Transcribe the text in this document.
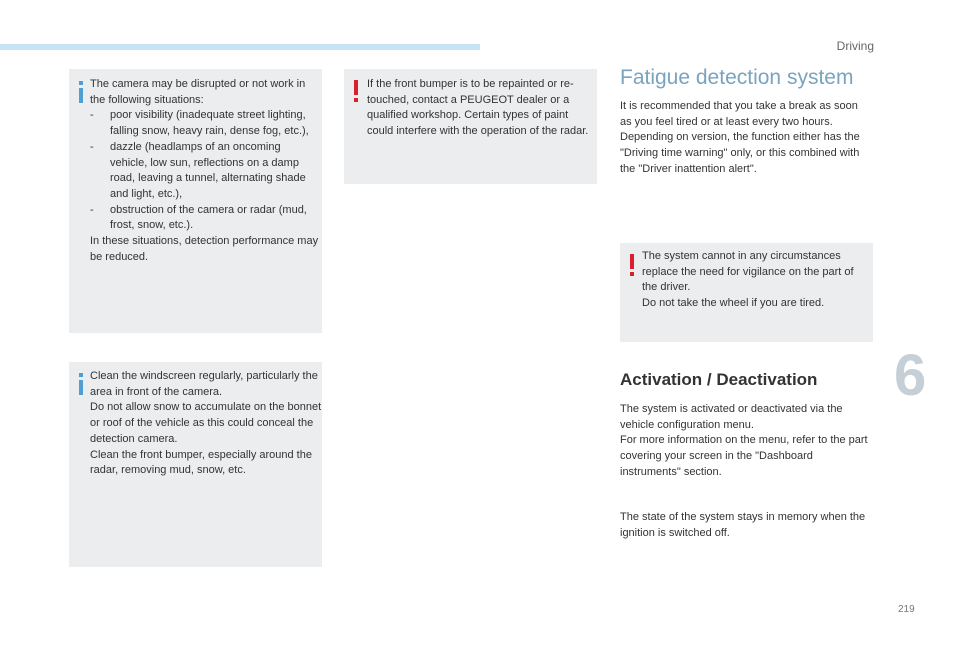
Driving
6
219

The camera may be disrupted or not work in the following situations:

- poor visibility (inadequate street lighting, falling snow, heavy rain, dense fog, etc.),
- dazzle (headlamps of an oncoming vehicle, low sun, reflections on a damp road, leaving a tunnel, alternating shade and light, etc.),
- obstruction of the camera or radar (mud, frost, snow, etc.).

In these situations, detection performance may be reduced.

Clean the windscreen regularly, particularly the area in front of the camera.

Do not allow snow to accumulate on the bonnet or roof of the vehicle as this could conceal the detection camera.

Clean the front bumper, especially around the radar, removing mud, snow, etc.

If the front bumper is to be repainted or re-touched, contact a PEUGEOT dealer or a qualified workshop. Certain types of paint could interfere with the operation of the radar.

Fatigue detection system

It is recommended that you take a break as soon as you feel tired or at least every two hours.

Depending on version, the function either has the "Driving time warning" only, or this combined with the "Driver inattention alert".

The system cannot in any circumstances replace the need for vigilance on the part of the driver.

Do not take the wheel if you are tired.

Activation / Deactivation

The system is activated or deactivated via the vehicle configuration menu.

For more information on the menu, refer to the part covering your screen in the "Dashboard instruments" section.

The state of the system stays in memory when the ignition is switched off.
